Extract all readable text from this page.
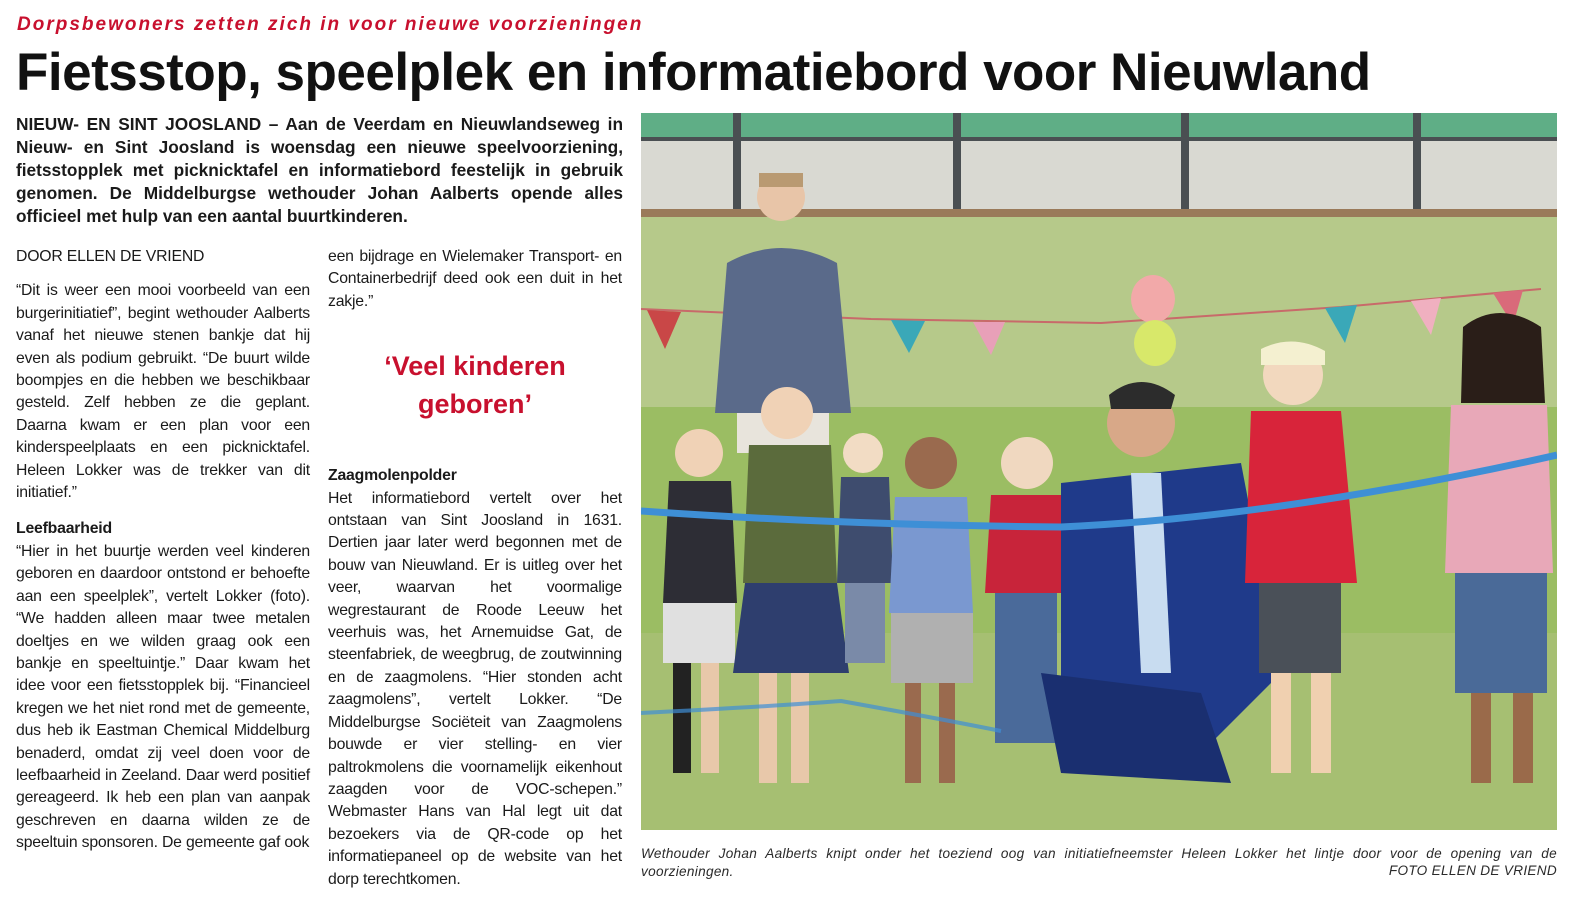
Dorpsbewoners zetten zich in voor nieuwe voorzieningen
Fietsstop, speelplek en informatiebord voor Nieuwland

NIEUW- EN SINT JOOSLAND – Aan de Veerdam en Nieuwlandseweg in Nieuw- en Sint Joosland is woensdag een nieuwe speelvoorziening, fietsstopplek met picknicktafel en informatiebord feestelijk in gebruik genomen. De Middelburgse wethouder Johan Aalberts opende alles officieel met hulp van een aantal buurtkinderen.

DOOR ELLEN DE VRIEND

“Dit is weer een mooi voorbeeld van een burgerinitiatief”, begint wethouder Aalberts vanaf het nieuwe stenen bankje dat hij even als podium gebruikt. “De buurt wilde boompjes en die hebben we beschikbaar gesteld. Zelf hebben ze die geplant. Daarna kwam er een plan voor een kinderspeelplaats en een picknicktafel. Heleen Lokker was de trekker van dit initiatief.”

Leefbaarheid

“Hier in het buurtje werden veel kinderen geboren en daardoor ontstond er behoefte aan een speelplek”, vertelt Lokker (foto). “We hadden alleen maar twee metalen doeltjes en we wilden graag ook een bankje en speeltuintje.” Daar kwam het idee voor een fietsstopplek bij. “Financieel kregen we het niet rond met de gemeente, dus heb ik Eastman Chemical Middelburg benaderd, omdat zij veel doen voor de leefbaarheid in Zeeland. Daar werd positief gereageerd. Ik heb een plan van aanpak geschreven en daarna wilden ze de speeltuin sponsoren. De gemeente gaf ook

een bijdrage en Wielemaker Transport- en Containerbedrijf deed ook een duit in het zakje.”

‘Veel kinderen
geboren’

Zaagmolenpolder

Het informatiebord vertelt over het ontstaan van Sint Joosland in 1631. Dertien jaar later werd begonnen met de bouw van Nieuwland. Er is uitleg over het veer, waarvan het voormalige wegrestaurant de Roode Leeuw het veerhuis was, het Arnemuidse Gat, de steenfabriek, de weegbrug, de zoutwinning en de zaagmolens. “Hier stonden acht zaagmolens”, vertelt Lokker. “De Middelburgse Sociëteit van Zaagmolens bouwde er vier stelling- en vier paltrokmolens die voornamelijk eikenhout zaagden voor de VOC-schepen.” Webmaster Hans van Hal legt uit dat bezoekers via de QR-code op het informatiepaneel op de website van het dorp terechtkomen.

Wethouder Johan Aalberts knipt onder het toeziend oog van initiatiefneemster Heleen Lokker het lintje door voor de opening van de voorzieningen.	FOTO ELLEN DE VRIEND
